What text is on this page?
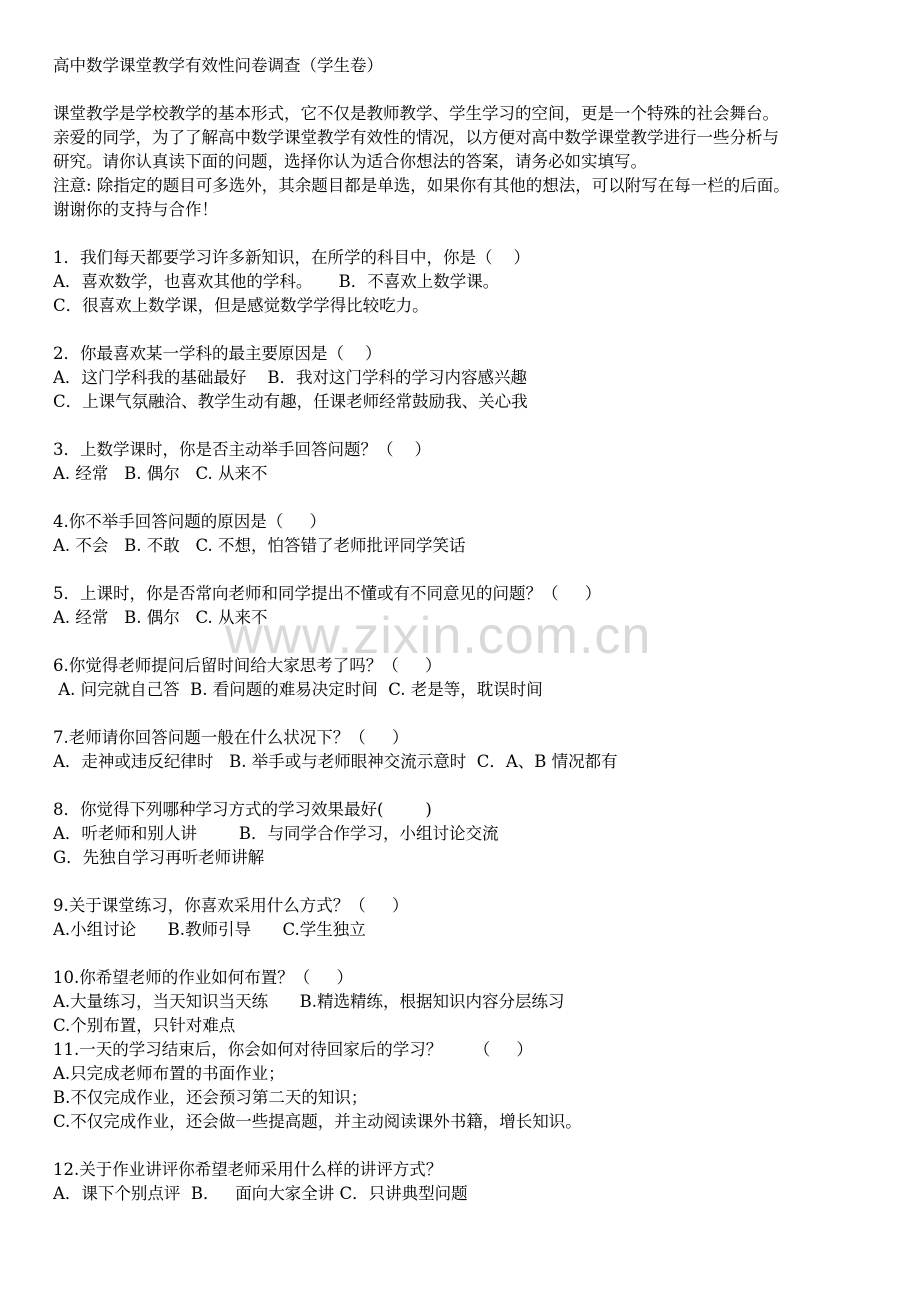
高中数学课堂教学有效性问卷调查（学生卷）
课堂教学是学校教学的基本形式，它不仅是教师教学、学生学习的空间，更是一个特殊的社会舞台。
亲爱的同学，为了了解高中数学课堂教学有效性的情况，以方便对高中数学课堂教学进行一些分析与
研究。请你认真读下面的问题，选择你认为适合你想法的答案，请务必如实填写。
注意: 除指定的题目可多选外，其余题目都是单选，如果你有其他的想法，可以附写在每一栏的后面。
谢谢你的支持与合作！
1．我们每天都要学习许多新知识，在所学的科目中，你是（    ）
A．喜欢数学，也喜欢其他的学科。     B．不喜欢上数学课。
C．很喜欢上数学课，但是感觉数学学得比较吃力。
2．你最喜欢某一学科的最主要原因是（    ）
A．这门学科我的基础最好    B．我对这门学科的学习内容感兴趣
C．上课气氛融洽、教学生动有趣，任课老师经常鼓励我、关心我
3．上数学课时，你是否主动举手回答问题？（    ）
A. 经常   B. 偶尔   C. 从来不
4.你不举手回答问题的原因是（     ）
A. 不会   B. 不敢   C. 不想，怕答错了老师批评同学笑话
5．上课时，你是否常向老师和同学提出不懂或有不同意见的问题？（     ）
A. 经常   B. 偶尔   C. 从来不
6.你觉得老师提问后留时间给大家思考了吗？（     ）
A. 问完就自己答  B. 看问题的难易决定时间  C. 老是等，耽误时间
7.老师请你回答问题一般在什么状况下？（     ）
A．走神或违反纪律时   B. 举手或与老师眼神交流示意时  C．A、B 情况都有
8．你觉得下列哪种学习方式的学习效果最好(        )
A．听老师和别人讲        B．与同学合作学习，小组讨论交流
G．先独自学习再听老师讲解
9.关于课堂练习，你喜欢采用什么方式？（     ）
A.小组讨论      B.教师引导      C.学生独立
10.你希望老师的作业如何布置？（     ）
A.大量练习，当天知识当天练      B.精选精练，根据知识内容分层练习
C.个别布置，只针对难点
11.一天的学习结束后，你会如何对待回家后的学习？      （     ）
A.只完成老师布置的书面作业；
B.不仅完成作业，还会预习第二天的知识；
C.不仅完成作业，还会做一些提高题，并主动阅读课外书籍，增长知识。
12.关于作业讲评你希望老师采用什么样的讲评方式？
A．课下个别点评  B．   面向大家全讲 C．只讲典型问题
www.zixin.com.cn
